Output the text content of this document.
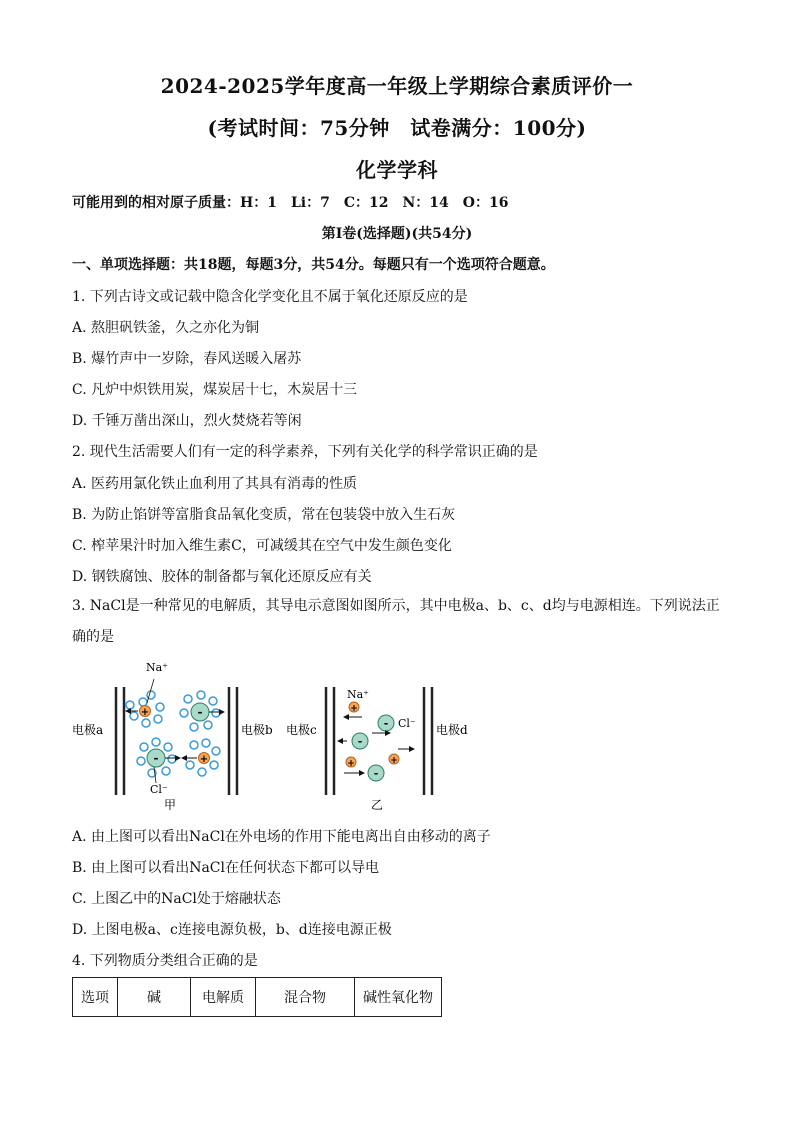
2024-2025学年度高一年级上学期综合素质评价一
(考试时间：75分钟　试卷满分：100分)
化学学科
可能用到的相对原子质量：H：1　Li：7　C：12　N：14　O：16
第Ⅰ卷(选择题)(共54分)
一、单项选择题：共18题，每题3分，共54分。每题只有一个选项符合题意。
1. 下列古诗文或记载中隐含化学变化且不属于氧化还原反应的是
A. 熬胆矾铁釜，久之亦化为铜
B. 爆竹声中一岁除，春风送暖入屠苏
C. 凡炉中炽铁用炭，煤炭居十七，木炭居十三
D. 千锤万凿出深山，烈火焚烧若等闲
2. 现代生活需要人们有一定的科学素养，下列有关化学的科学常识正确的是
A. 医药用氯化铁止血利用了其具有消毒的性质
B. 为防止馅饼等富脂食品氧化变质，常在包装袋中放入生石灰
C. 榨苹果汁时加入维生素C，可减缓其在空气中发生颜色变化
D. 钢铁腐蚀、胶体的制备都与氧化还原反应有关
3. NaCl是一种常见的电解质，其导电示意图如图所示，其中电极a、b、c、d均与电源相连。下列说法正确的是
电极a	电极b
+
Na⁺
-
-
Cl⁻
+
甲
电极c	电极d
Na⁺
+
- Cl⁻
-
+
-
+
乙
A. 由上图可以看出NaCl在外电场的作用下能电离出自由移动的离子
B. 由上图可以看出NaCl在任何状态下都可以导电
C. 上图乙中的NaCl处于熔融状态
D. 上图电极a、c连接电源负极，b、d连接电源正极
4. 下列物质分类组合正确的是
选项	碱	电解质	混合物	碱性氧化物
